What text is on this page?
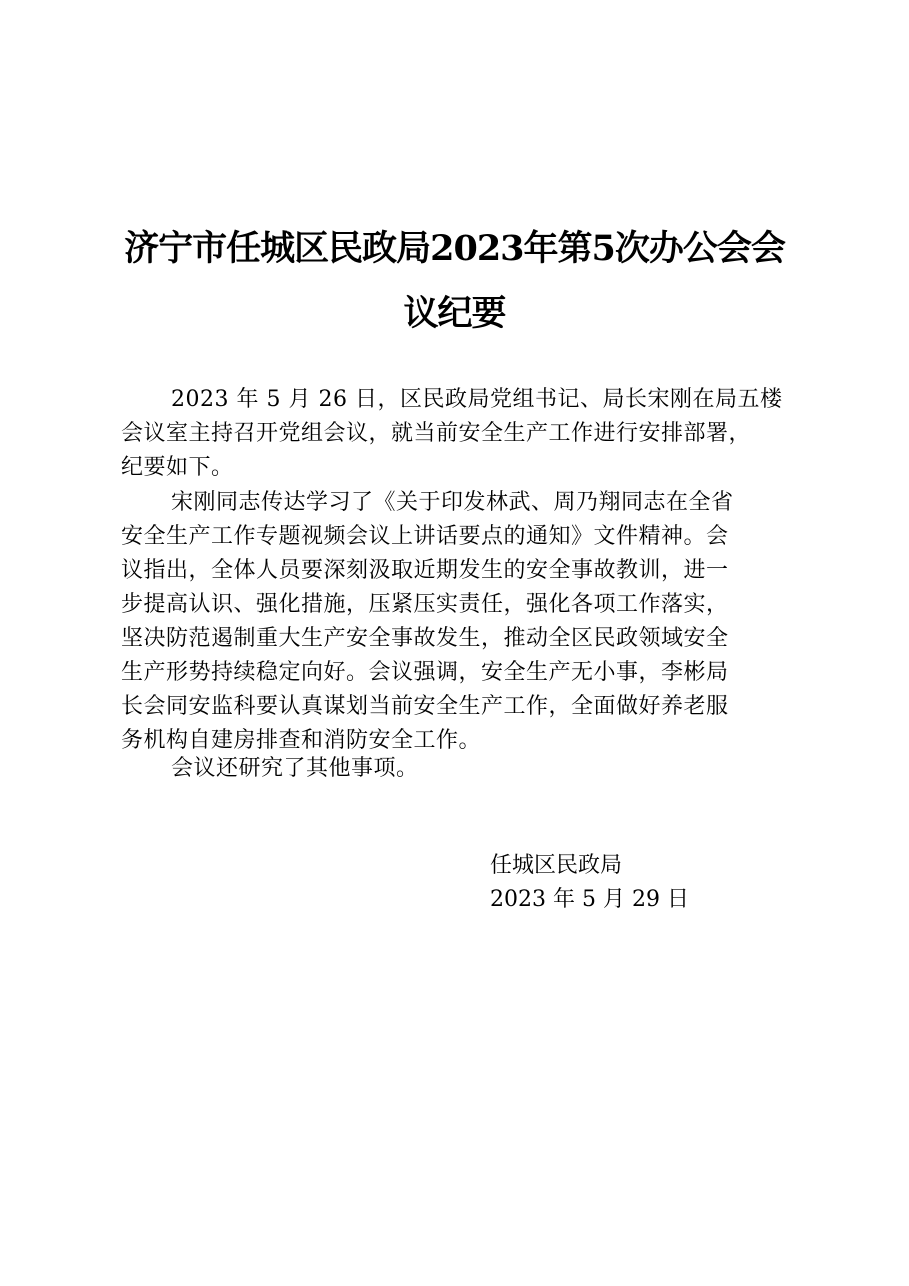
济宁市任城区民政局2023年第5次办公会会
议纪要
2023 年 5 月 26 日，区民政局党组书记、局长宋刚在局五楼
会议室主持召开党组会议，就当前安全生产工作进行安排部署，
纪要如下。
宋刚同志传达学习了《关于印发林武、周乃翔同志在全省
安全生产工作专题视频会议上讲话要点的通知》文件精神。会
议指出，全体人员要深刻汲取近期发生的安全事故教训，进一
步提高认识、强化措施，压紧压实责任，强化各项工作落实，
坚决防范遏制重大生产安全事故发生，推动全区民政领域安全
生产形势持续稳定向好。会议强调，安全生产无小事，李彬局
长会同安监科要认真谋划当前安全生产工作，全面做好养老服
务机构自建房排查和消防安全工作。
会议还研究了其他事项。
任城区民政局
2023 年 5 月 29 日
